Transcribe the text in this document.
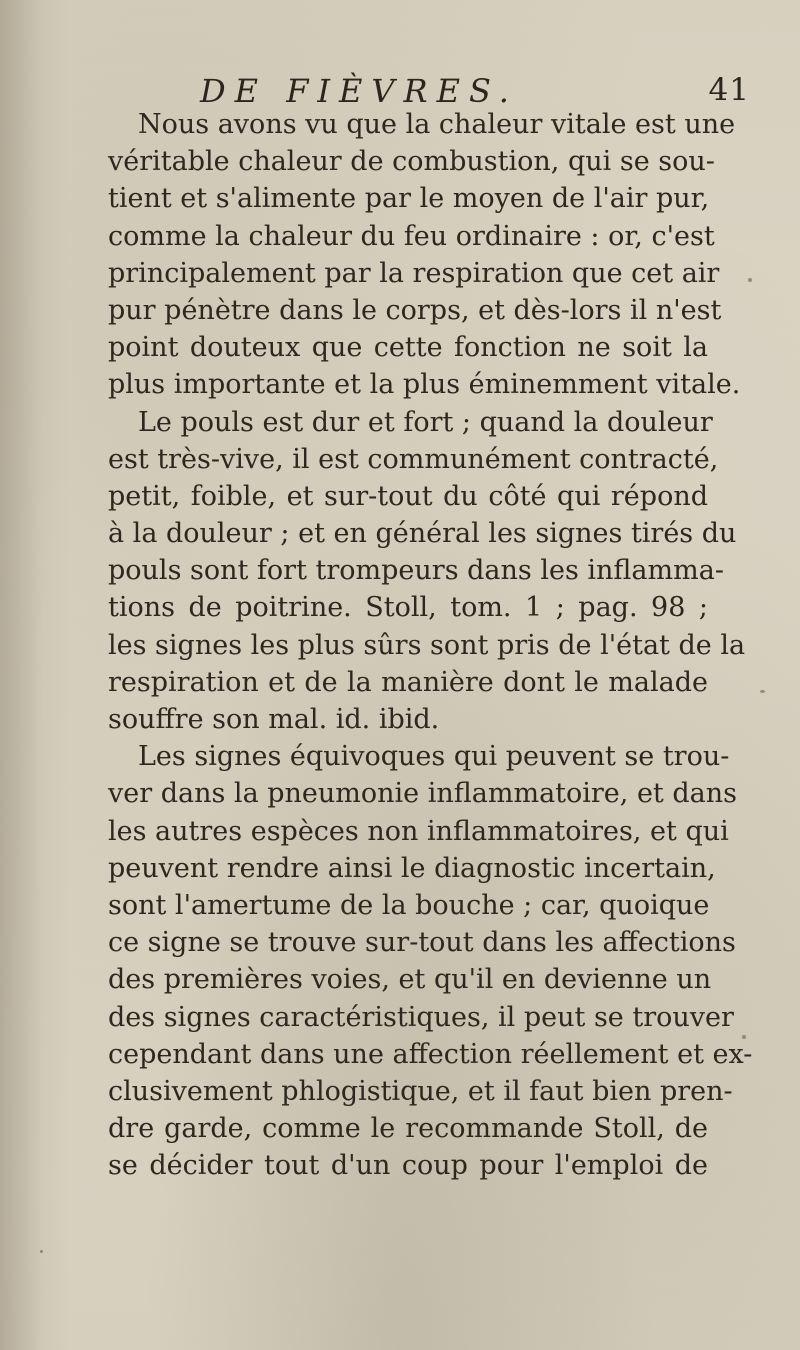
DE FIÈVRES.	41
Nous avons vu que la chaleur vitale est une
véritable chaleur de combustion, qui se sou-
tient et s'alimente par le moyen de l'air pur,
comme la chaleur du feu ordinaire : or, c'est
principalement par la respiration que cet air
pur pénètre dans le corps, et dès-lors il n'est
point douteux que cette fonction ne soit la
plus importante et la plus éminemment vitale.
Le pouls est dur et fort ; quand la douleur
est très-vive, il est communément contracté,
petit, foible, et sur-tout du côté qui répond
à la douleur ; et en général les signes tirés du
pouls sont fort trompeurs dans les inflamma-
tions de poitrine. Stoll, tom. 1 ; pag. 98 ;
les signes les plus sûrs sont pris de l'état de la
respiration et de la manière dont le malade
souffre son mal. id. ibid.
Les signes équivoques qui peuvent se trou-
ver dans la pneumonie inflammatoire, et dans
les autres espèces non inflammatoires, et qui
peuvent rendre ainsi le diagnostic incertain,
sont l'amertume de la bouche ; car, quoique
ce signe se trouve sur-tout dans les affections
des premières voies, et qu'il en devienne un
des signes caractéristiques, il peut se trouver
cependant dans une affection réellement et ex-
clusivement phlogistique, et il faut bien pren-
dre garde, comme le recommande Stoll, de
se décider tout d'un coup pour l'emploi de
